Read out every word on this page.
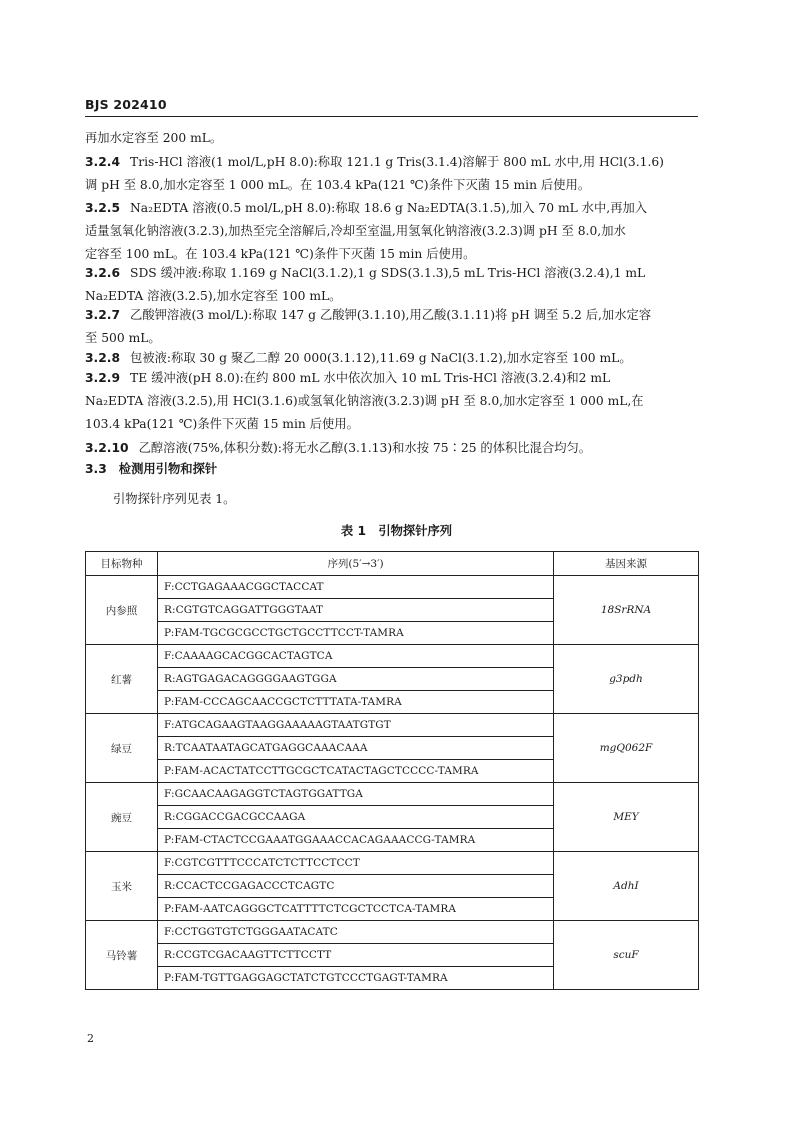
BJS 202410
再加水定容至 200 mL。
3.2.4 Tris-HCl 溶液(1 mol/L,pH 8.0):称取 121.1 g Tris(3.1.4)溶解于 800 mL 水中,用 HCl(3.1.6)
调 pH 至 8.0,加水定容至 1 000 mL。在 103.4 kPa(121 ℃)条件下灭菌 15 min 后使用。
3.2.5 Na₂EDTA 溶液(0.5 mol/L,pH 8.0):称取 18.6 g Na₂EDTA(3.1.5),加入 70 mL 水中,再加入
适量氢氧化钠溶液(3.2.3),加热至完全溶解后,冷却至室温,用氢氧化钠溶液(3.2.3)调 pH 至 8.0,加水
定容至 100 mL。在 103.4 kPa(121 ℃)条件下灭菌 15 min 后使用。
3.2.6 SDS 缓冲液:称取 1.169 g NaCl(3.1.2),1 g SDS(3.1.3),5 mL Tris-HCl 溶液(3.2.4),1 mL
Na₂EDTA 溶液(3.2.5),加水定容至 100 mL。
3.2.7 乙酸钾溶液(3 mol/L):称取 147 g 乙酸钾(3.1.10),用乙酸(3.1.11)将 pH 调至 5.2 后,加水定容
至 500 mL。
3.2.8 包被液:称取 30 g 聚乙二醇 20 000(3.1.12),11.69 g NaCl(3.1.2),加水定容至 100 mL。
3.2.9 TE 缓冲液(pH 8.0):在约 800 mL 水中依次加入 10 mL Tris-HCl 溶液(3.2.4)和2 mL
Na₂EDTA 溶液(3.2.5),用 HCl(3.1.6)或氢氧化钠溶液(3.2.3)调 pH 至 8.0,加水定容至 1 000 mL,在
103.4 kPa(121 ℃)条件下灭菌 15 min 后使用。
3.2.10 乙醇溶液(75%,体积分数):将无水乙醇(3.1.13)和水按 75∶25 的体积比混合均匀。
3.3 检测用引物和探针
引物探针序列见表 1。
表 1　引物探针序列
目标物种	序列(5′→3′)	基因来源
内参照	F:CCTGAGAAACGGCTACCAT	18SrRNA
	R:CGTGTCAGGATTGGGTAAT	
	P:FAM-TGCGCGCCTGCTGCCTTCCT-TAMRA	
红薯	F:CAAAAGCACGGCACTAGTCA	g3pdh
	R:AGTGAGACAGGGGAAGTGGA	
	P:FAM-CCCAGCAACCGCTCTTTATA-TAMRA	
绿豆	F:ATGCAGAAGTAAGGAAAAAGTAATGTGT	mgQ062F
	R:TCAATAATAGCATGAGGCAAACAAA	
	P:FAM-ACACTATCCTTGCGCTCATACTAGCTCCCC-TAMRA	
豌豆	F:GCAACAAGAGGTCTAGTGGATTGA	MEY
	R:CGGACCGACGCCAAGA	
	P:FAM-CTACTCCGAAATGGAAACCACAGAAACCG-TAMRA	
玉米	F:CGTCGTTTCCCATCTCTTCCTCCT	AdhI
	R:CCACTCCGAGACCCTCAGTC	
	P:FAM-AATCAGGGCTCATTTTCTCGCTCCTCA-TAMRA	
马铃薯	F:CCTGGTGTCTGGGAATACATC	scuF
	R:CCGTCGACAAGTTCTTCCTT	
	P:FAM-TGTTGAGGAGCTATCTGTCCCTGAGT-TAMRA	
2
